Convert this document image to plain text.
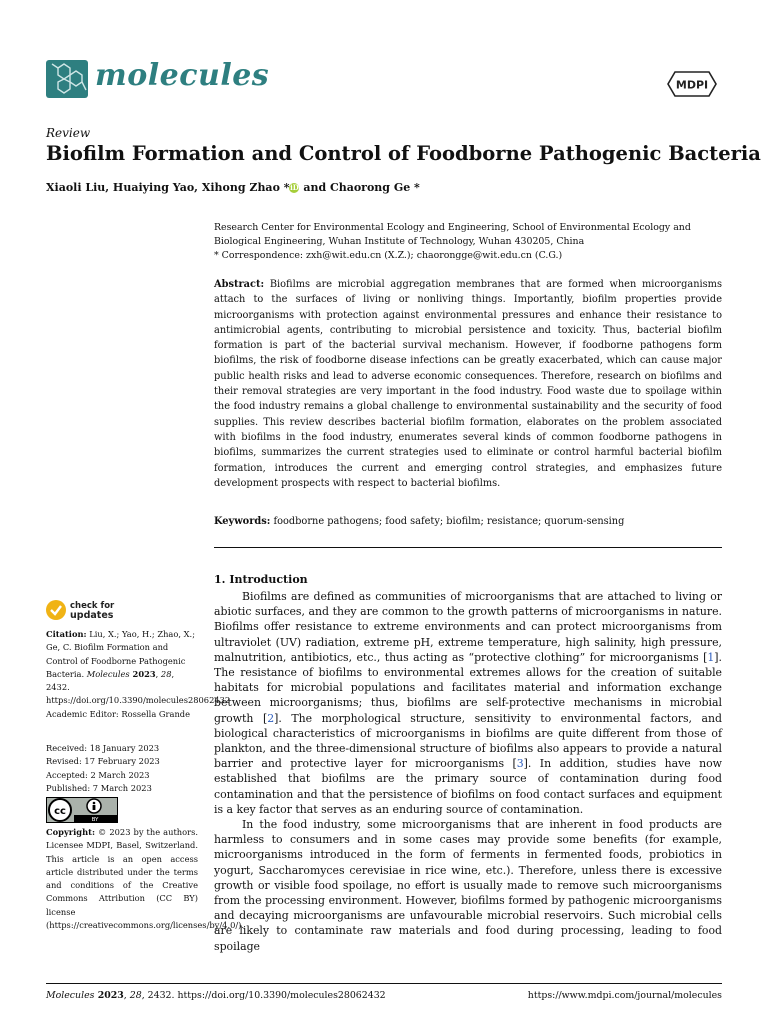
molecules	MDPI
Review
Biofilm Formation and Control of Foodborne Pathogenic Bacteria
Xiaoli Liu, Huaiying Yao, Xihong Zhao *iD and Chaorong Ge *
Research Center for Environmental Ecology and Engineering, School of Environmental Ecology and Biological Engineering, Wuhan Institute of Technology, Wuhan 430205, China
* Correspondence: zxh@wit.edu.cn (X.Z.); chaorongge@wit.edu.cn (C.G.)
Abstract: Biofilms are microbial aggregation membranes that are formed when microorganisms attach to the surfaces of living or nonliving things. Importantly, biofilm properties provide microorganisms with protection against environmental pressures and enhance their resistance to antimicrobial agents, contributing to microbial persistence and toxicity. Thus, bacterial biofilm formation is part of the bacterial survival mechanism. However, if foodborne pathogens form biofilms, the risk of foodborne disease infections can be greatly exacerbated, which can cause major public health risks and lead to adverse economic consequences. Therefore, research on biofilms and their removal strategies are very important in the food industry. Food waste due to spoilage within the food industry remains a global challenge to environmental sustainability and the security of food supplies. This review describes bacterial biofilm formation, elaborates on the problem associated with biofilms in the food industry, enumerates several kinds of common foodborne pathogens in biofilms, summarizes the current strategies used to eliminate or control harmful bacterial biofilm formation, introduces the current and emerging control strategies, and emphasizes future development prospects with respect to bacterial biofilms.
Keywords: foodborne pathogens; food safety; biofilm; resistance; quorum-sensing
1. Introduction

Biofilms are defined as communities of microorganisms that are attached to living or abiotic surfaces, and they are common to the growth patterns of microorganisms in nature. Biofilms offer resistance to extreme environments and can protect microorganisms from ultraviolet (UV) radiation, extreme pH, extreme temperature, high salinity, high pressure, malnutrition, antibiotics, etc., thus acting as “protective clothing” for microorganisms [1]. The resistance of biofilms to environmental extremes allows for the creation of suitable habitats for microbial populations and facilitates material and information exchange between microorganisms; thus, biofilms are self-protective mechanisms in microbial growth [2]. The morphological structure, sensitivity to environmental factors, and biological characteristics of microorganisms in biofilms are quite different from those of plankton, and the three-dimensional structure of biofilms also appears to provide a natural barrier and protective layer for microorganisms [3]. In addition, studies have now established that biofilms are the primary source of contamination during food contamination and that the persistence of biofilms on food contact surfaces and equipment is a key factor that serves as an enduring source of contamination.

In the food industry, some microorganisms that are inherent in food products are harmless to consumers and in some cases may provide some benefits (for example, microorganisms introduced in the form of ferments in fermented foods, probiotics in yogurt, Saccharomyces cerevisiae in rice wine, etc.). Therefore, unless there is excessive growth or visible food spoilage, no effort is usually made to remove such microorganisms from the processing environment. However, biofilms formed by pathogenic microorganisms and decaying microorganisms are unfavourable microbial reservoirs. Such microbial cells are likely to contaminate raw materials and food during processing, leading to food spoilage

check for
updates
Citation: Liu, X.; Yao, H.; Zhao, X.; Ge, C. Biofilm Formation and Control of Foodborne Pathogenic Bacteria. Molecules 2023, 28, 2432. https://doi.org/10.3390/molecules28062432
Academic Editor: Rossella Grande
Received: 18 January 2023
Revised: 17 February 2023
Accepted: 2 March 2023
Published: 7 March 2023
cc
BY
Copyright: © 2023 by the authors. Licensee MDPI, Basel, Switzerland. This article is an open access article distributed under the terms and conditions of the Creative Commons Attribution (CC BY) license (https://creativecommons.org/licenses/by/4.0/).
Molecules 2023, 28, 2432. https://doi.org/10.3390/molecules28062432	https://www.mdpi.com/journal/molecules
